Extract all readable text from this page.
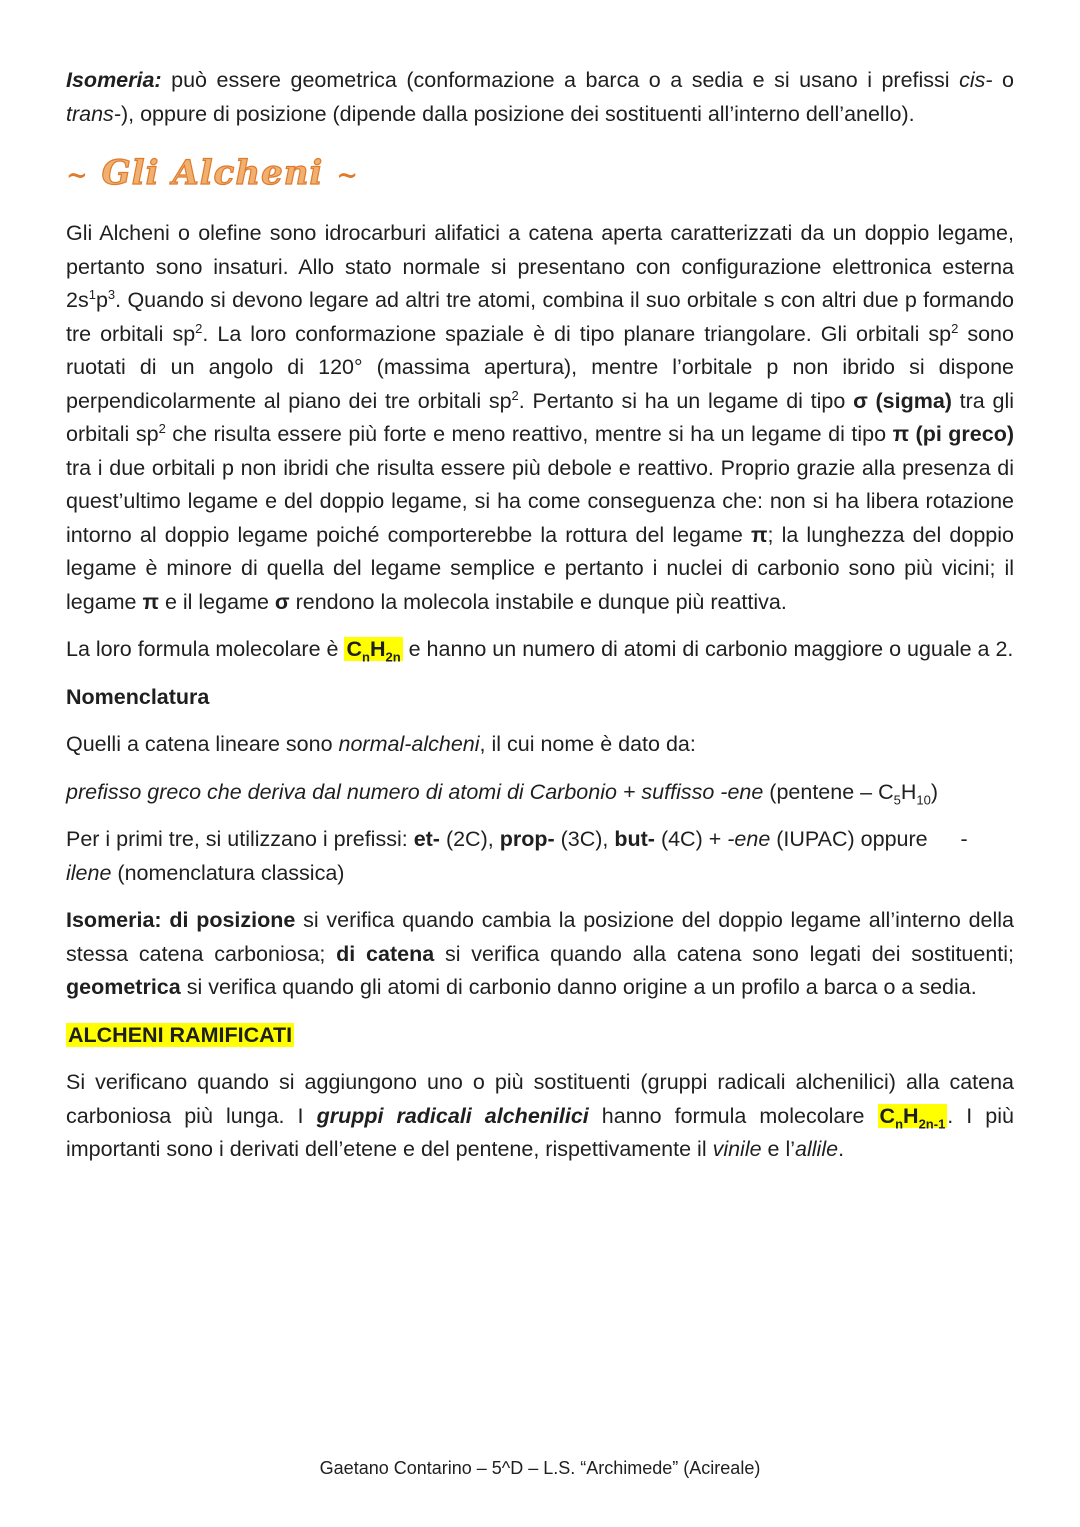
Isomeria: può essere geometrica (conformazione a barca o a sedia e si usano i prefissi cis- o trans-), oppure di posizione (dipende dalla posizione dei sostituenti all’interno dell’anello).

~ Gli Alcheni ~

Gli Alcheni o olefine sono idrocarburi alifatici a catena aperta caratterizzati da un doppio legame, pertanto sono insaturi. Allo stato normale si presentano con configurazione elettronica esterna $2s^1p^3$. Quando si devono legare ad altri tre atomi, combina il suo orbitale s con altri due p formando tre orbitali $sp^2$. La loro conformazione spaziale è di tipo planare triangolare. Gli orbitali $sp^2$ sono ruotati di un angolo di 120° (massima apertura), mentre l’orbitale p non ibrido si dispone perpendicolarmente al piano dei tre orbitali $sp^2$. Pertanto si ha un legame di tipo σ (sigma) tra gli orbitali $sp^2$ che risulta essere più forte e meno reattivo, mentre si ha un legame di tipo π (pi greco) tra i due orbitali p non ibridi che risulta essere più debole e reattivo. Proprio grazie alla presenza di quest’ultimo legame e del doppio legame, si ha come conseguenza che: non si ha libera rotazione intorno al doppio legame poiché comporterebbe la rottura del legame π; la lunghezza del doppio legame è minore di quella del legame semplice e pertanto i nuclei di carbonio sono più vicini; il legame π e il legame σ rendono la molecola instabile e dunque più reattiva.

La loro formula molecolare è $C_nH_{2n}$ e hanno un numero di atomi di carbonio maggiore o uguale a 2.

Nomenclatura

Quelli a catena lineare sono normal-alcheni, il cui nome è dato da:

prefisso greco che deriva dal numero di atomi di Carbonio + suffisso -ene (pentene – $C_5H_{10}$)

Per i primi tre, si utilizzano i prefissi: et- (2C), prop- (3C), but- (4C) + -ene (IUPAC) oppure -
ilene (nomenclatura classica)

Isomeria: di posizione si verifica quando cambia la posizione del doppio legame all’interno della stessa catena carboniosa; di catena si verifica quando alla catena sono legati dei sostituenti; geometrica si verifica quando gli atomi di carbonio danno origine a un profilo a barca o a sedia.

ALCHENI RAMIFICATI

Si verificano quando si aggiungono uno o più sostituenti (gruppi radicali alchenilici) alla catena carboniosa più lunga. I gruppi radicali alchenilici hanno formula molecolare $C_nH_{2n-1}$. I più importanti sono i derivati dell’etene e del pentene, rispettivamente il vinile e l’allile.

Gaetano Contarino – 5^D – L.S. “Archimede” (Acireale)
